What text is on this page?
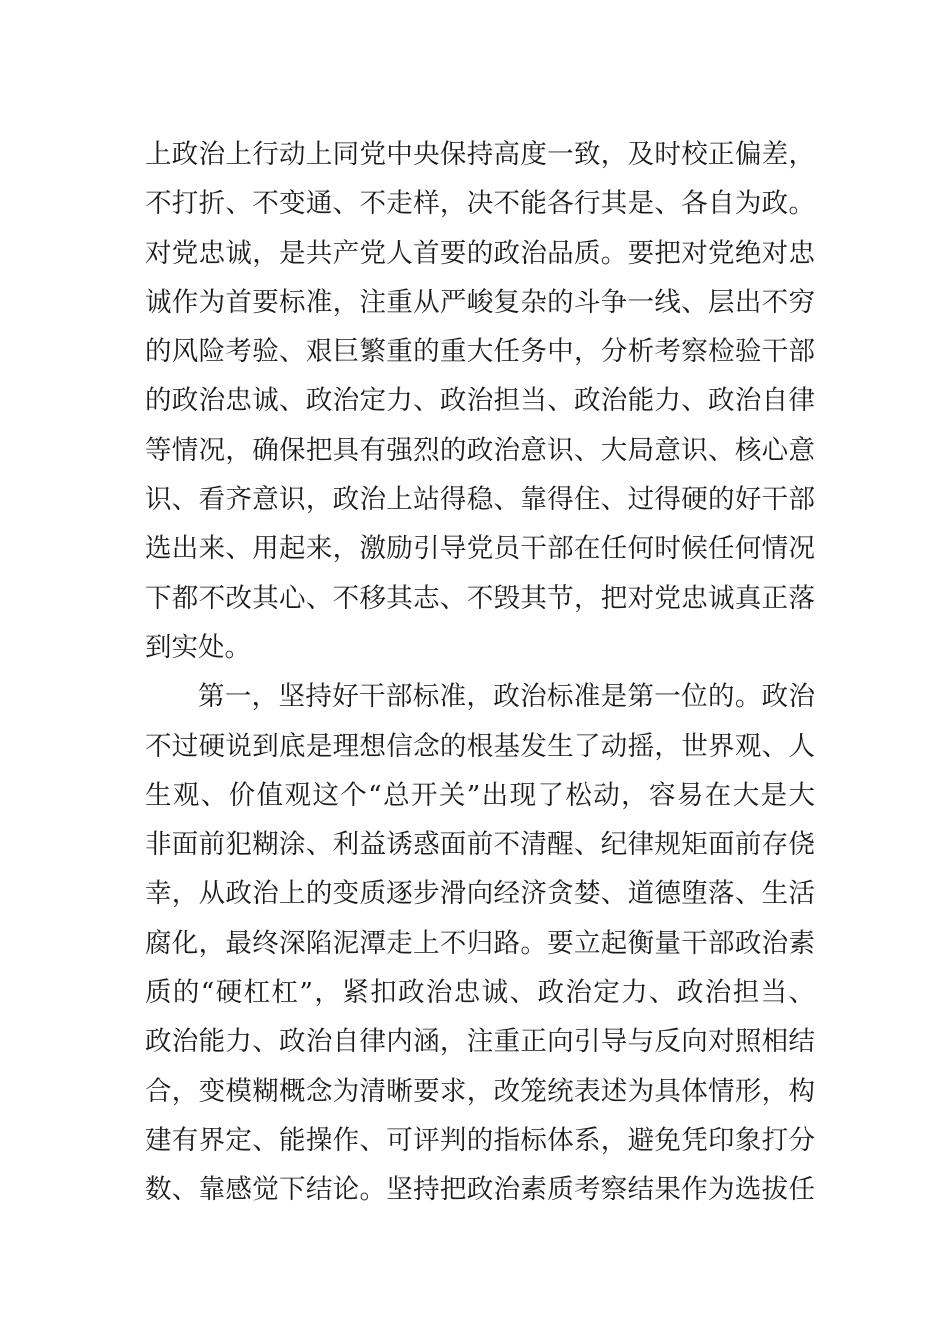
上政治上行动上同党中央保持高度一致，及时校正偏差，
不打折、不变通、不走样，决不能各行其是、各自为政。
对党忠诚，是共产党人首要的政治品质。要把对党绝对忠
诚作为首要标准，注重从严峻复杂的斗争一线、层出不穷
的风险考验、艰巨繁重的重大任务中，分析考察检验干部
的政治忠诚、政治定力、政治担当、政治能力、政治自律
等情况，确保把具有强烈的政治意识、大局意识、核心意
识、看齐意识，政治上站得稳、靠得住、过得硬的好干部
选出来、用起来，激励引导党员干部在任何时候任何情况
下都不改其心、不移其志、不毁其节，把对党忠诚真正落
到实处。
第一，坚持好干部标准，政治标准是第一位的。政治
不过硬说到底是理想信念的根基发生了动摇，世界观、人
生观、价值观这个“总开关”出现了松动，容易在大是大
非面前犯糊涂、利益诱惑面前不清醒、纪律规矩面前存侥
幸，从政治上的变质逐步滑向经济贪婪、道德堕落、生活
腐化，最终深陷泥潭走上不归路。要立起衡量干部政治素
质的“硬杠杠”，紧扣政治忠诚、政治定力、政治担当、
政治能力、政治自律内涵，注重正向引导与反向对照相结
合，变模糊概念为清晰要求，改笼统表述为具体情形，构
建有界定、能操作、可评判的指标体系，避免凭印象打分
数、靠感觉下结论。坚持把政治素质考察结果作为选拔任
